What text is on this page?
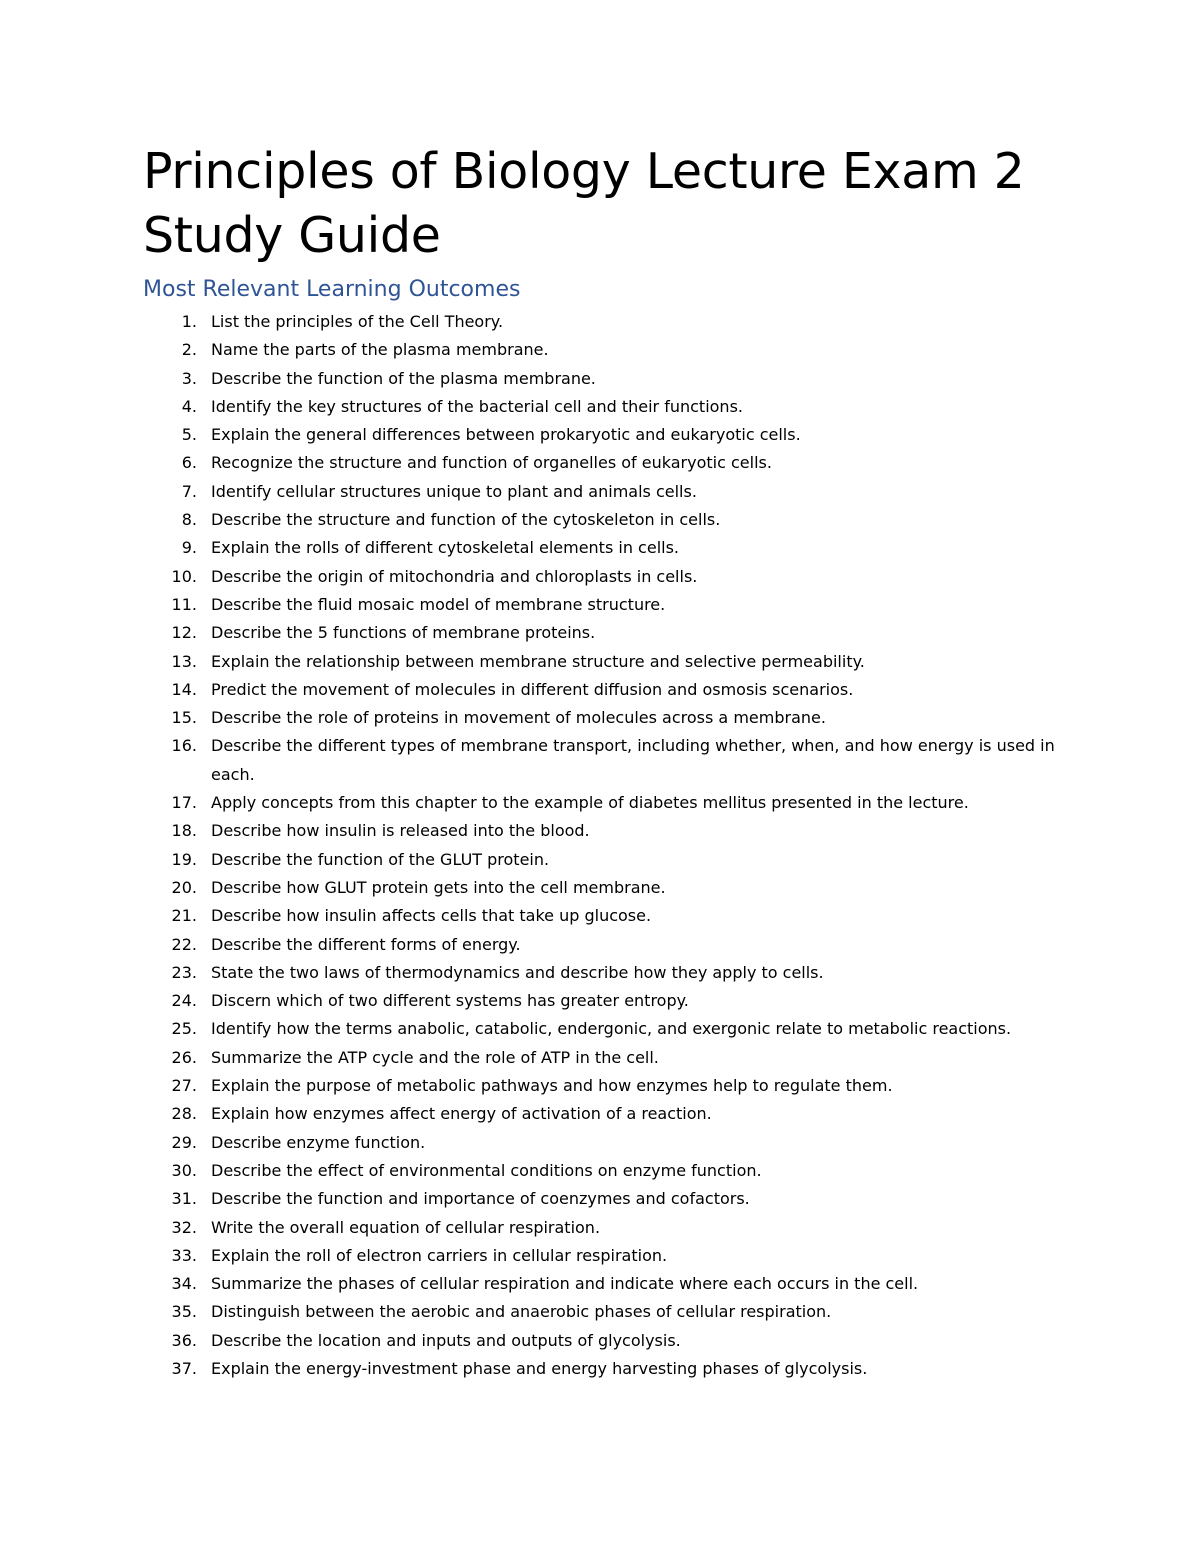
Principles of Biology Lecture Exam 2 Study Guide
Most Relevant Learning Outcomes
1. List the principles of the Cell Theory.
2. Name the parts of the plasma membrane.
3. Describe the function of the plasma membrane.
4. Identify the key structures of the bacterial cell and their functions.
5. Explain the general differences between prokaryotic and eukaryotic cells.
6. Recognize the structure and function of organelles of eukaryotic cells.
7. Identify cellular structures unique to plant and animals cells.
8. Describe the structure and function of the cytoskeleton in cells.
9. Explain the rolls of different cytoskeletal elements in cells.
10. Describe the origin of mitochondria and chloroplasts in cells.
11. Describe the fluid mosaic model of membrane structure.
12. Describe the 5 functions of membrane proteins.
13. Explain the relationship between membrane structure and selective permeability.
14. Predict the movement of molecules in different diffusion and osmosis scenarios.
15. Describe the role of proteins in movement of molecules across a membrane.
16. Describe the different types of membrane transport, including whether, when, and how energy is used in each.
17. Apply concepts from this chapter to the example of diabetes mellitus presented in the lecture.
18. Describe how insulin is released into the blood.
19. Describe the function of the GLUT protein.
20. Describe how GLUT protein gets into the cell membrane.
21. Describe how insulin affects cells that take up glucose.
22. Describe the different forms of energy.
23. State the two laws of thermodynamics and describe how they apply to cells.
24. Discern which of two different systems has greater entropy.
25. Identify how the terms anabolic, catabolic, endergonic, and exergonic relate to metabolic reactions.
26. Summarize the ATP cycle and the role of ATP in the cell.
27. Explain the purpose of metabolic pathways and how enzymes help to regulate them.
28. Explain how enzymes affect energy of activation of a reaction.
29. Describe enzyme function.
30. Describe the effect of environmental conditions on enzyme function.
31. Describe the function and importance of coenzymes and cofactors.
32. Write the overall equation of cellular respiration.
33. Explain the roll of electron carriers in cellular respiration.
34. Summarize the phases of cellular respiration and indicate where each occurs in the cell.
35. Distinguish between the aerobic and anaerobic phases of cellular respiration.
36. Describe the location and inputs and outputs of glycolysis.
37. Explain the energy-investment phase and energy harvesting phases of glycolysis.
